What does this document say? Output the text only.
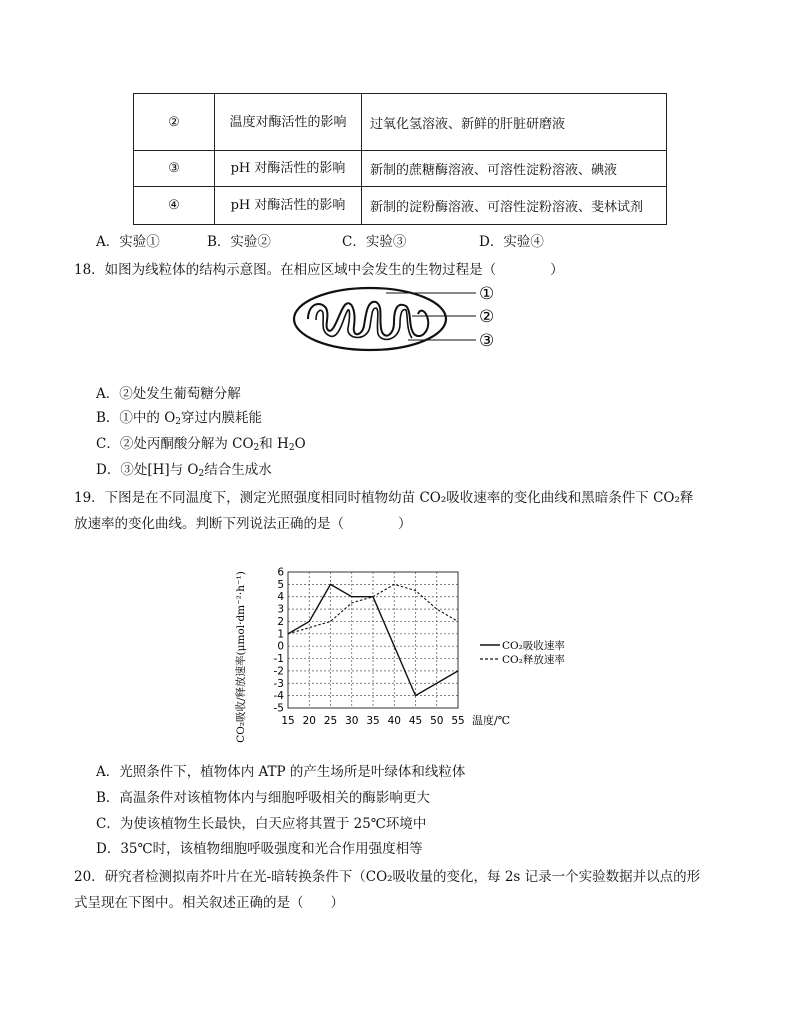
②	温度对酶活性的影响	过氧化氢溶液、新鲜的肝脏研磨液
③	pH 对酶活性的影响	新制的蔗糖酶溶液、可溶性淀粉溶液、碘液
④	pH 对酶活性的影响	新制的淀粉酶溶液、可溶性淀粉溶液、斐林试剂
A．实验①	B．实验②	C．实验③	D．实验④
18．如图为线粒体的结构示意图。在相应区域中会发生的生物过程是（　　　　）
①
②
③
A．②处发生葡萄糖分解
B．①中的 $O_2$穿过内膜耗能
C．②处丙酮酸分解为 $CO_2$和 $H_2O$
D．③处[H]与 $O_2$结合生成水
19．下图是在不同温度下，测定光照强度相同时植物幼苗 CO₂吸收速率的变化曲线和黑暗条件下 CO₂释
放速率的变化曲线。判断下列说法正确的是（　　　　）
6
5
4
3
2
1
0
-1
-2
-3
-4
-5
15 20 25 30 35 40 45 50 55
CO₂吸收/释放速率(μmol·dm⁻²·h⁻¹)	温度/℃
CO₂吸收速率
CO₂释放速率
A．光照条件下，植物体内 ATP 的产生场所是叶绿体和线粒体
B．高温条件对该植物体内与细胞呼吸相关的酶影响更大
C．为使该植物生长最快，白天应将其置于 25℃环境中
D．35℃时，该植物细胞呼吸强度和光合作用强度相等
20．研究者检测拟南芥叶片在光-暗转换条件下（CO₂吸收量的变化，每 2s 记录一个实验数据并以点的形
式呈现在下图中。相关叙述正确的是（　　）
